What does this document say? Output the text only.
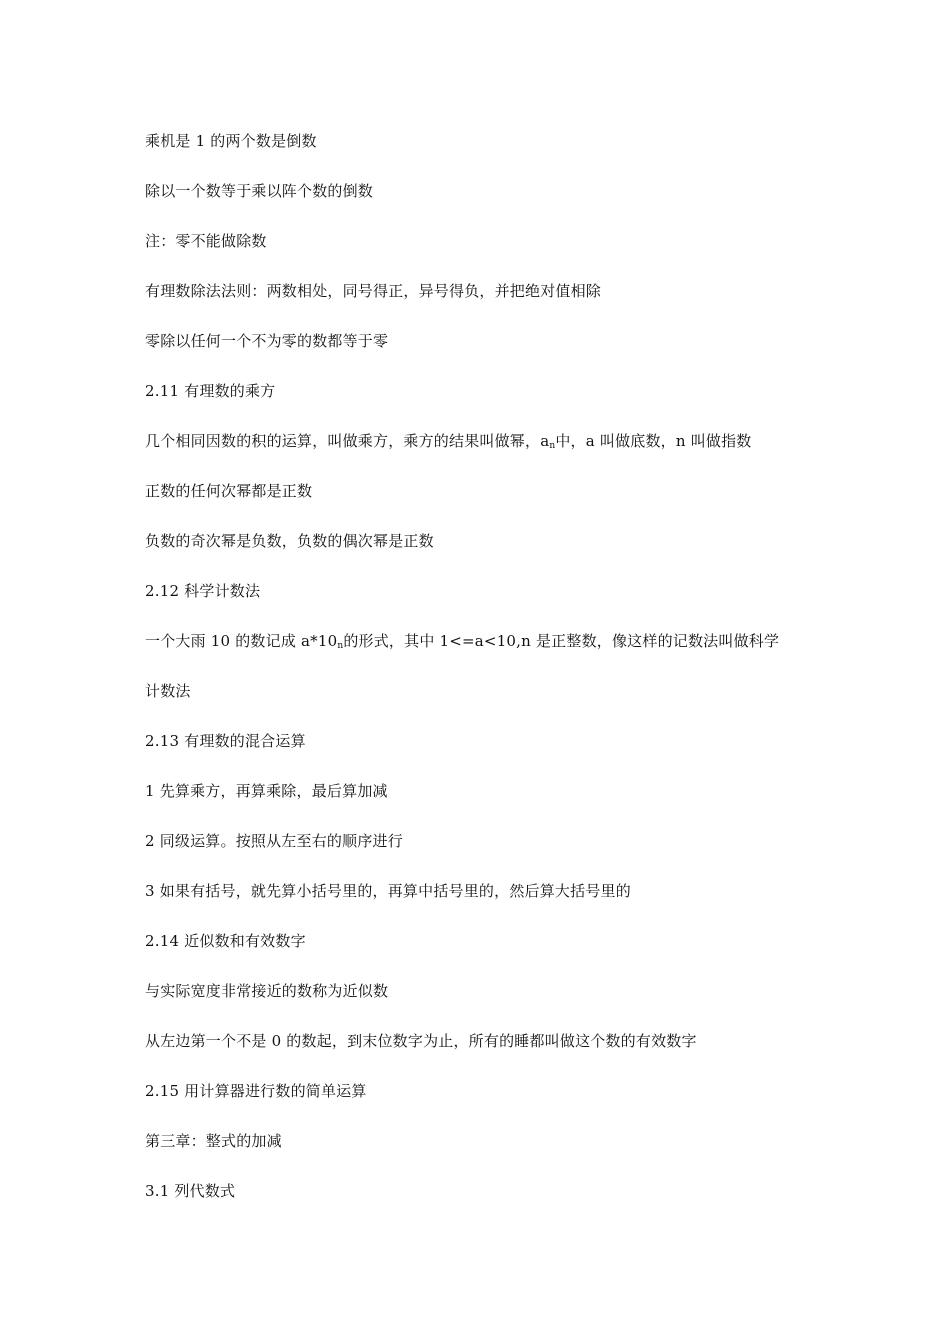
乘机是 1 的两个数是倒数
除以一个数等于乘以阵个数的倒数
注：零不能做除数
有理数除法法则：两数相处，同号得正，异号得负，并把绝对值相除
零除以任何一个不为零的数都等于零
2.11 有理数的乘方
几个相同因数的积的运算，叫做乘方，乘方的结果叫做幂，$a_n$中，a 叫做底数，n 叫做指数
正数的任何次幂都是正数
负数的奇次幂是负数，负数的偶次幂是正数
2.12 科学计数法
一个大雨 10 的数记成 $a*10_n$的形式，其中 1<=a<10,n 是正整数，像这样的记数法叫做科学
计数法
2.13 有理数的混合运算
1 先算乘方，再算乘除，最后算加减
2 同级运算。按照从左至右的顺序进行
3 如果有括号，就先算小括号里的，再算中括号里的，然后算大括号里的
2.14 近似数和有效数字
与实际宽度非常接近的数称为近似数
从左边第一个不是 0 的数起，到末位数字为止，所有的睡都叫做这个数的有效数字
2.15 用计算器进行数的简单运算
第三章：整式的加减
3.1 列代数式
